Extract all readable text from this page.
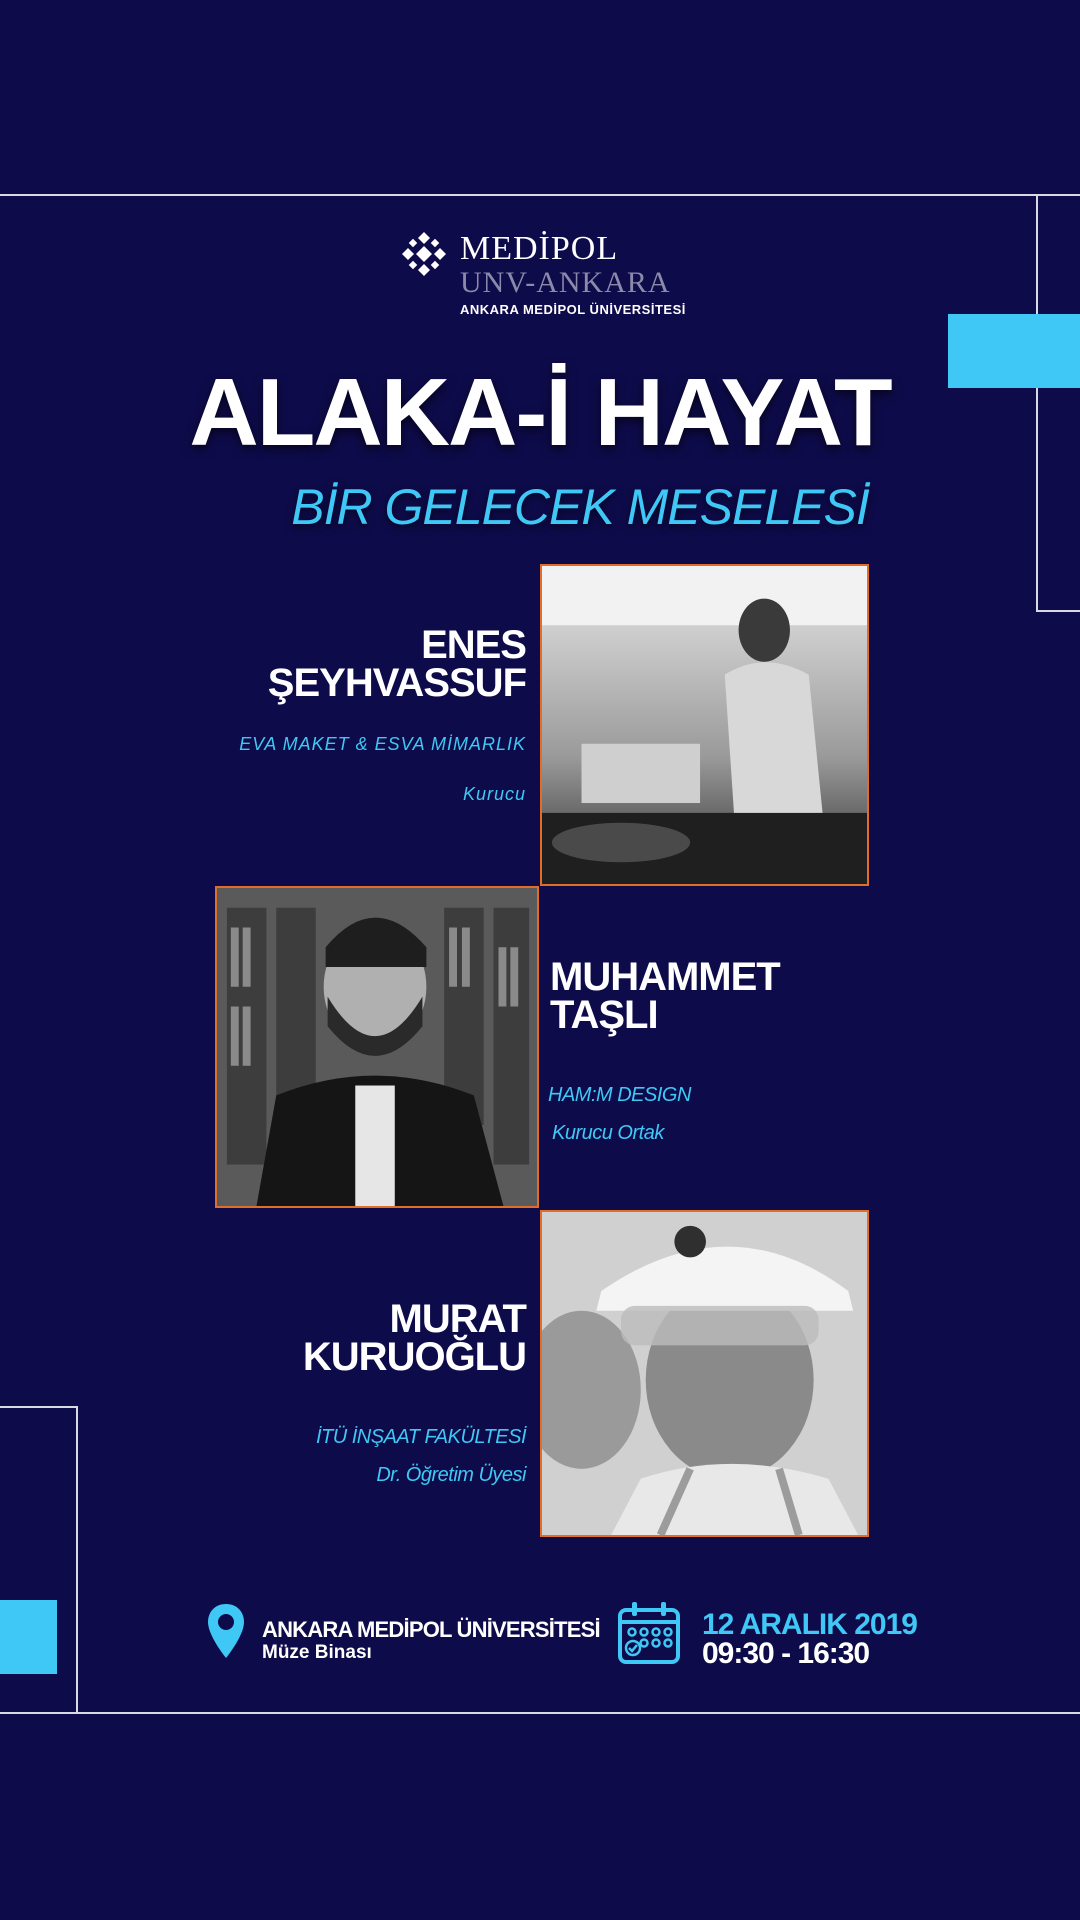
MEDİPOL
UNV-ANKARA
ANKARA MEDİPOL ÜNİVERSİTESİ
ALAKA-İ HAYAT
BİR GELECEK MESELESİ
ENES
ŞEYHVASSUF
EVA MAKET & ESVA MİMARLIK
Kurucu
MUHAMMET
TAŞLI
HAM:M DESIGN
Kurucu Ortak
MURAT
KURUOĞLU
İTÜ İNŞAAT FAKÜLTESİ
Dr. Öğretim Üyesi
ANKARA MEDİPOL ÜNİVERSİTESİ
Müze Binası
12 ARALIK 2019
09:30 - 16:30
